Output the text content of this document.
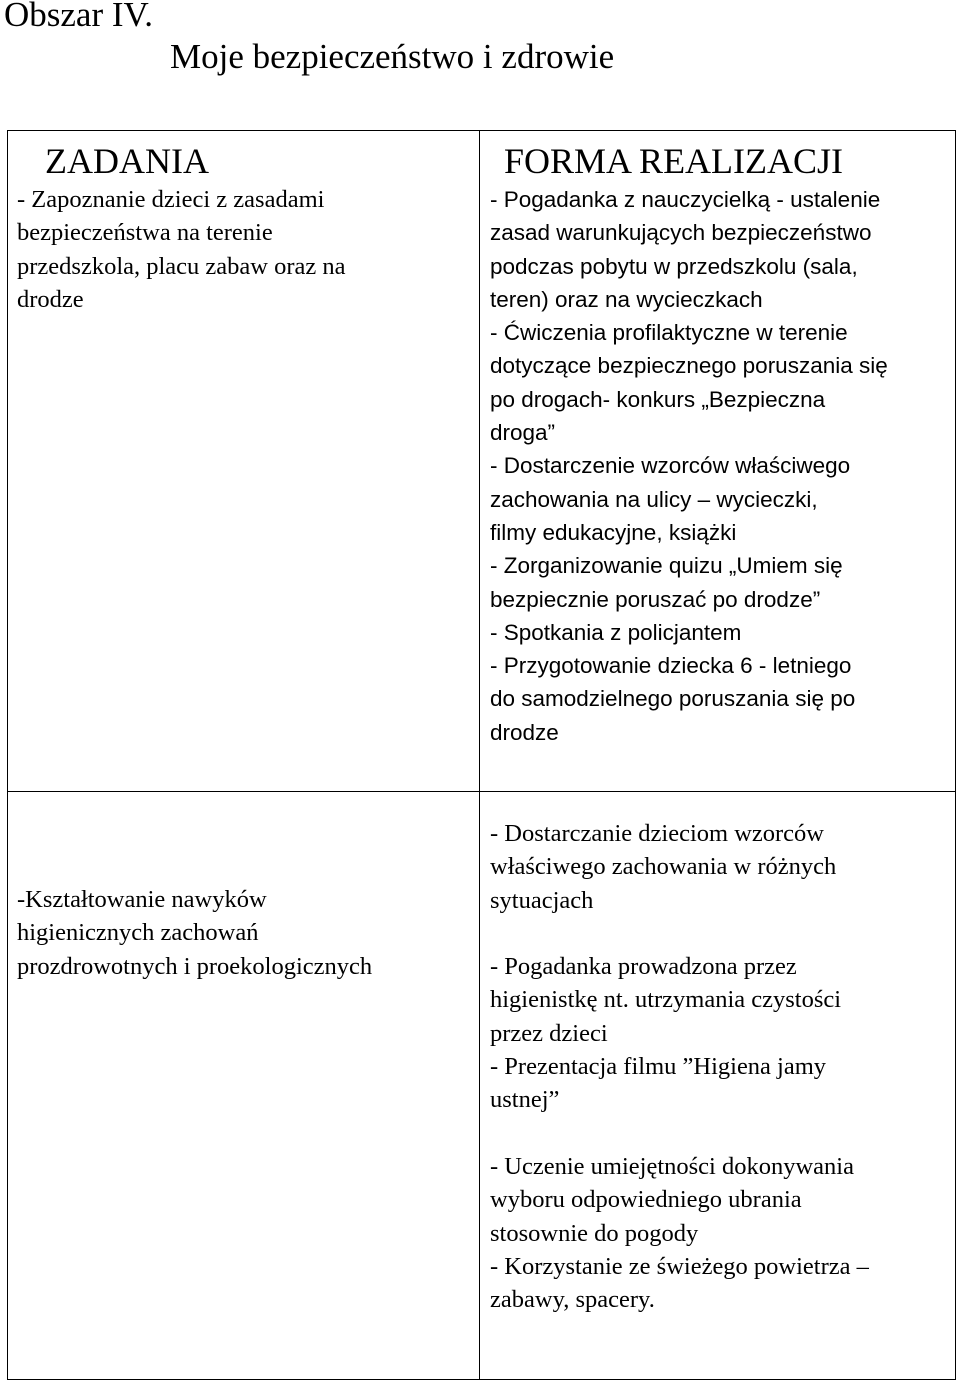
Obszar IV.
Moje bezpieczeństwo i zdrowie
ZADANIA

- Zapoznanie dzieci z zasadami
bezpieczeństwa na terenie
przedszkola, placu zabaw oraz na
drodze

FORMA REALIZACJI

- Pogadanka z nauczycielką - ustalenie
zasad warunkujących bezpieczeństwo
podczas pobytu w przedszkolu (sala,
teren) oraz na wycieczkach
- Ćwiczenia profilaktyczne w terenie
dotyczące bezpiecznego poruszania się
po drogach- konkurs „Bezpieczna
droga”
- Dostarczenie wzorców właściwego
zachowania na ulicy – wycieczki,
filmy edukacyjne, książki
- Zorganizowanie quizu „Umiem się
bezpiecznie poruszać po drodze”
- Spotkania z policjantem
- Przygotowanie dziecka 6 - letniego
do samodzielnego poruszania się po
drodze

-Kształtowanie nawyków
higienicznych zachowań
prozdrowotnych i proekologicznych

- Dostarczanie dzieciom wzorców
właściwego zachowania w różnych
sytuacjach

- Pogadanka prowadzona przez
higienistkę nt. utrzymania czystości
przez dzieci
- Prezentacja filmu ”Higiena jamy
ustnej”

- Uczenie umiejętności dokonywania
wyboru odpowiedniego ubrania
stosownie do pogody
- Korzystanie ze świeżego powietrza –
zabawy, spacery.
